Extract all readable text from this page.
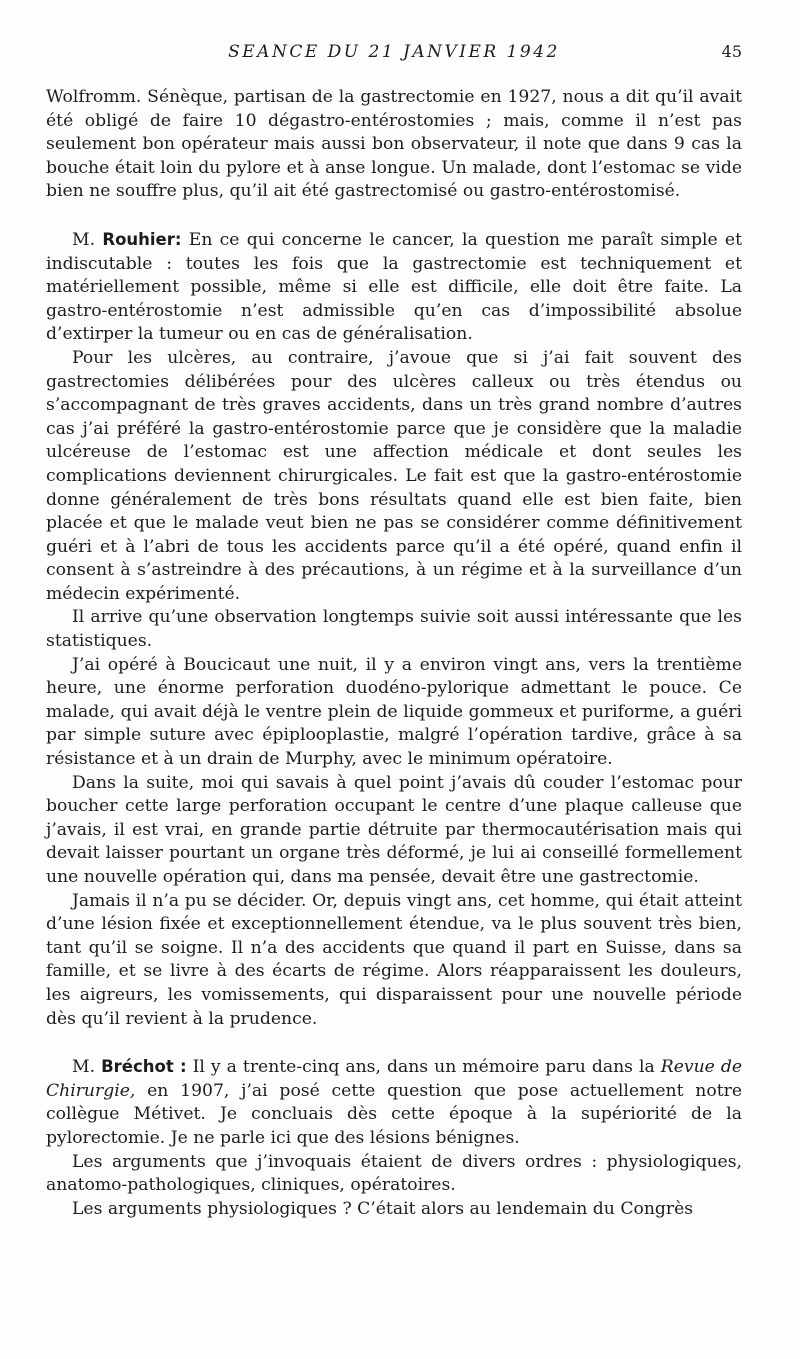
SEANCE DU 21 JANVIER 1942	45

Wolfromm. Sénèque, partisan de la gastrectomie en 1927, nous a dit qu’il avait été obligé de faire 10 dégastro-entérostomies ; mais, comme il n’est pas seulement bon opérateur mais aussi bon observateur, il note que dans 9 cas la bouche était loin du pylore et à anse longue. Un malade, dont l’estomac se vide bien ne souffre plus, qu’il ait été gastrectomisé ou gastro-entérostomisé.

M. Rouhier: En ce qui concerne le cancer, la question me paraît simple et indiscutable : toutes les fois que la gastrectomie est techniquement et matériellement possible, même si elle est difficile, elle doit être faite. La gastro-entérostomie n’est admissible qu’en cas d’impossibilité absolue d’extirper la tumeur ou en cas de généralisation.

Pour les ulcères, au contraire, j’avoue que si j’ai fait souvent des gastrectomies délibérées pour des ulcères calleux ou très étendus ou s’accompagnant de très graves accidents, dans un très grand nombre d’autres cas j’ai préféré la gastro-entérostomie parce que je considère que la maladie ulcéreuse de l’estomac est une affection médicale et dont seules les complications deviennent chirurgicales. Le fait est que la gastro-entérostomie donne généralement de très bons résultats quand elle est bien faite, bien placée et que le malade veut bien ne pas se considérer comme définitivement guéri et à l’abri de tous les accidents parce qu’il a été opéré, quand enfin il consent à s’astreindre à des précautions, à un régime et à la surveillance d’un médecin expérimenté.

Il arrive qu’une observation longtemps suivie soit aussi intéressante que les statistiques.

J’ai opéré à Boucicaut une nuit, il y a environ vingt ans, vers la trentième heure, une énorme perforation duodéno-pylorique admettant le pouce. Ce malade, qui avait déjà le ventre plein de liquide gommeux et puriforme, a guéri par simple suture avec épiplooplastie, malgré l’opération tardive, grâce à sa résistance et à un drain de Murphy, avec le minimum opératoire.

Dans la suite, moi qui savais à quel point j’avais dû couder l’estomac pour boucher cette large perforation occupant le centre d’une plaque calleuse que j’avais, il est vrai, en grande partie détruite par thermocautérisation mais qui devait laisser pourtant un organe très déformé, je lui ai conseillé formellement une nouvelle opération qui, dans ma pensée, devait être une gastrectomie.

Jamais il n’a pu se décider. Or, depuis vingt ans, cet homme, qui était atteint d’une lésion fixée et exceptionnellement étendue, va le plus souvent très bien, tant qu’il se soigne. Il n’a des accidents que quand il part en Suisse, dans sa famille, et se livre à des écarts de régime. Alors réapparaissent les douleurs, les aigreurs, les vomissements, qui disparaissent pour une nouvelle période dès qu’il revient à la prudence.

M. Bréchot : Il y a trente-cinq ans, dans un mémoire paru dans la Revue de Chirurgie, en 1907, j’ai posé cette question que pose actuellement notre collègue Métivet. Je concluais dès cette époque à la supériorité de la pylorectomie. Je ne parle ici que des lésions bénignes.

Les arguments que j’invoquais étaient de divers ordres : physiologiques, anatomo-pathologiques, cliniques, opératoires.

Les arguments physiologiques ? C’était alors au lendemain du Congrès
